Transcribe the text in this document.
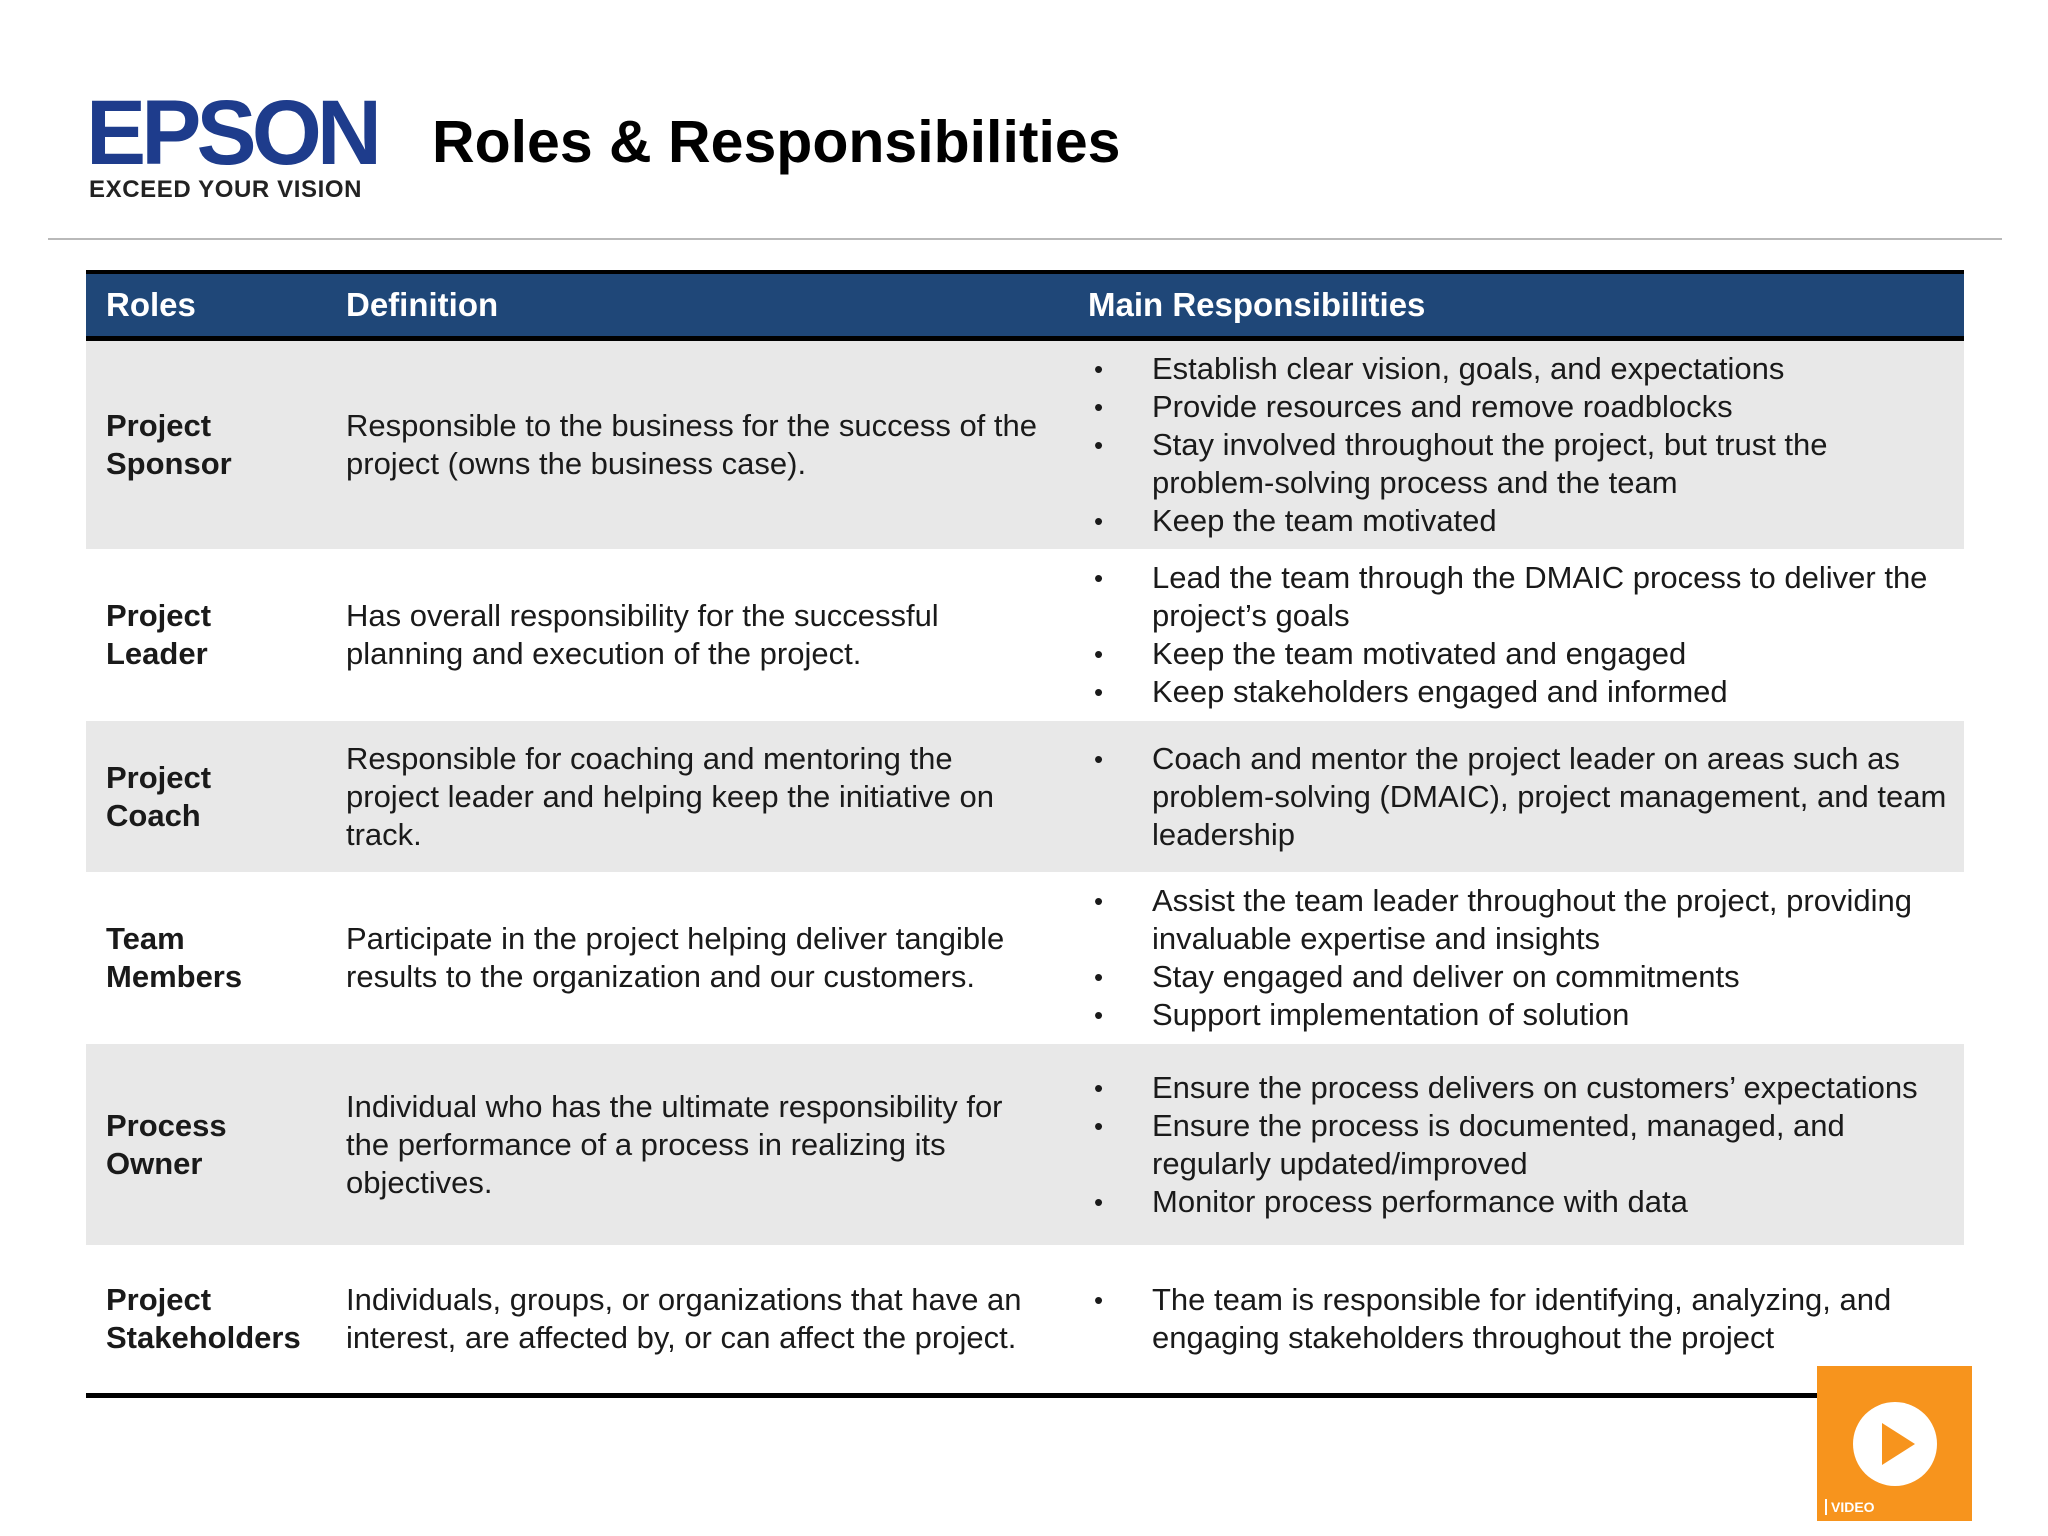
EPSON
EXCEED YOUR VISION
Roles & Responsibilities
Roles	Definition	Main Responsibilities
Project
Sponsor
Responsible to the business for the success of the project (owns the business case).
• Establish clear vision, goals, and expectations
• Provide resources and remove roadblocks
• Stay involved throughout the project, but trust the problem-solving process and the team
• Keep the team motivated
Project
Leader
Has overall responsibility for the successful planning and execution of the project.
• Lead the team through the DMAIC process to deliver the project’s goals
• Keep the team motivated and engaged
• Keep stakeholders engaged and informed
Project
Coach
Responsible for coaching and mentoring the project leader and helping keep the initiative on track.
• Coach and mentor the project leader on areas such as problem-solving (DMAIC), project management, and team leadership
Team
Members
Participate in the project helping deliver tangible results to the organization and our customers.
• Assist the team leader throughout the project, providing invaluable expertise and insights
• Stay engaged and deliver on commitments
• Support implementation of solution
Process
Owner
Individual who has the ultimate responsibility for the performance of a process in realizing its objectives.
• Ensure the process delivers on customers’ expectations
• Ensure the process is documented, managed, and regularly updated/improved
• Monitor process performance with data
Project
Stakeholders
Individuals, groups, or organizations that have an interest, are affected by, or can affect the project.
• The team is responsible for identifying, analyzing, and engaging stakeholders throughout the project
VIDEO
